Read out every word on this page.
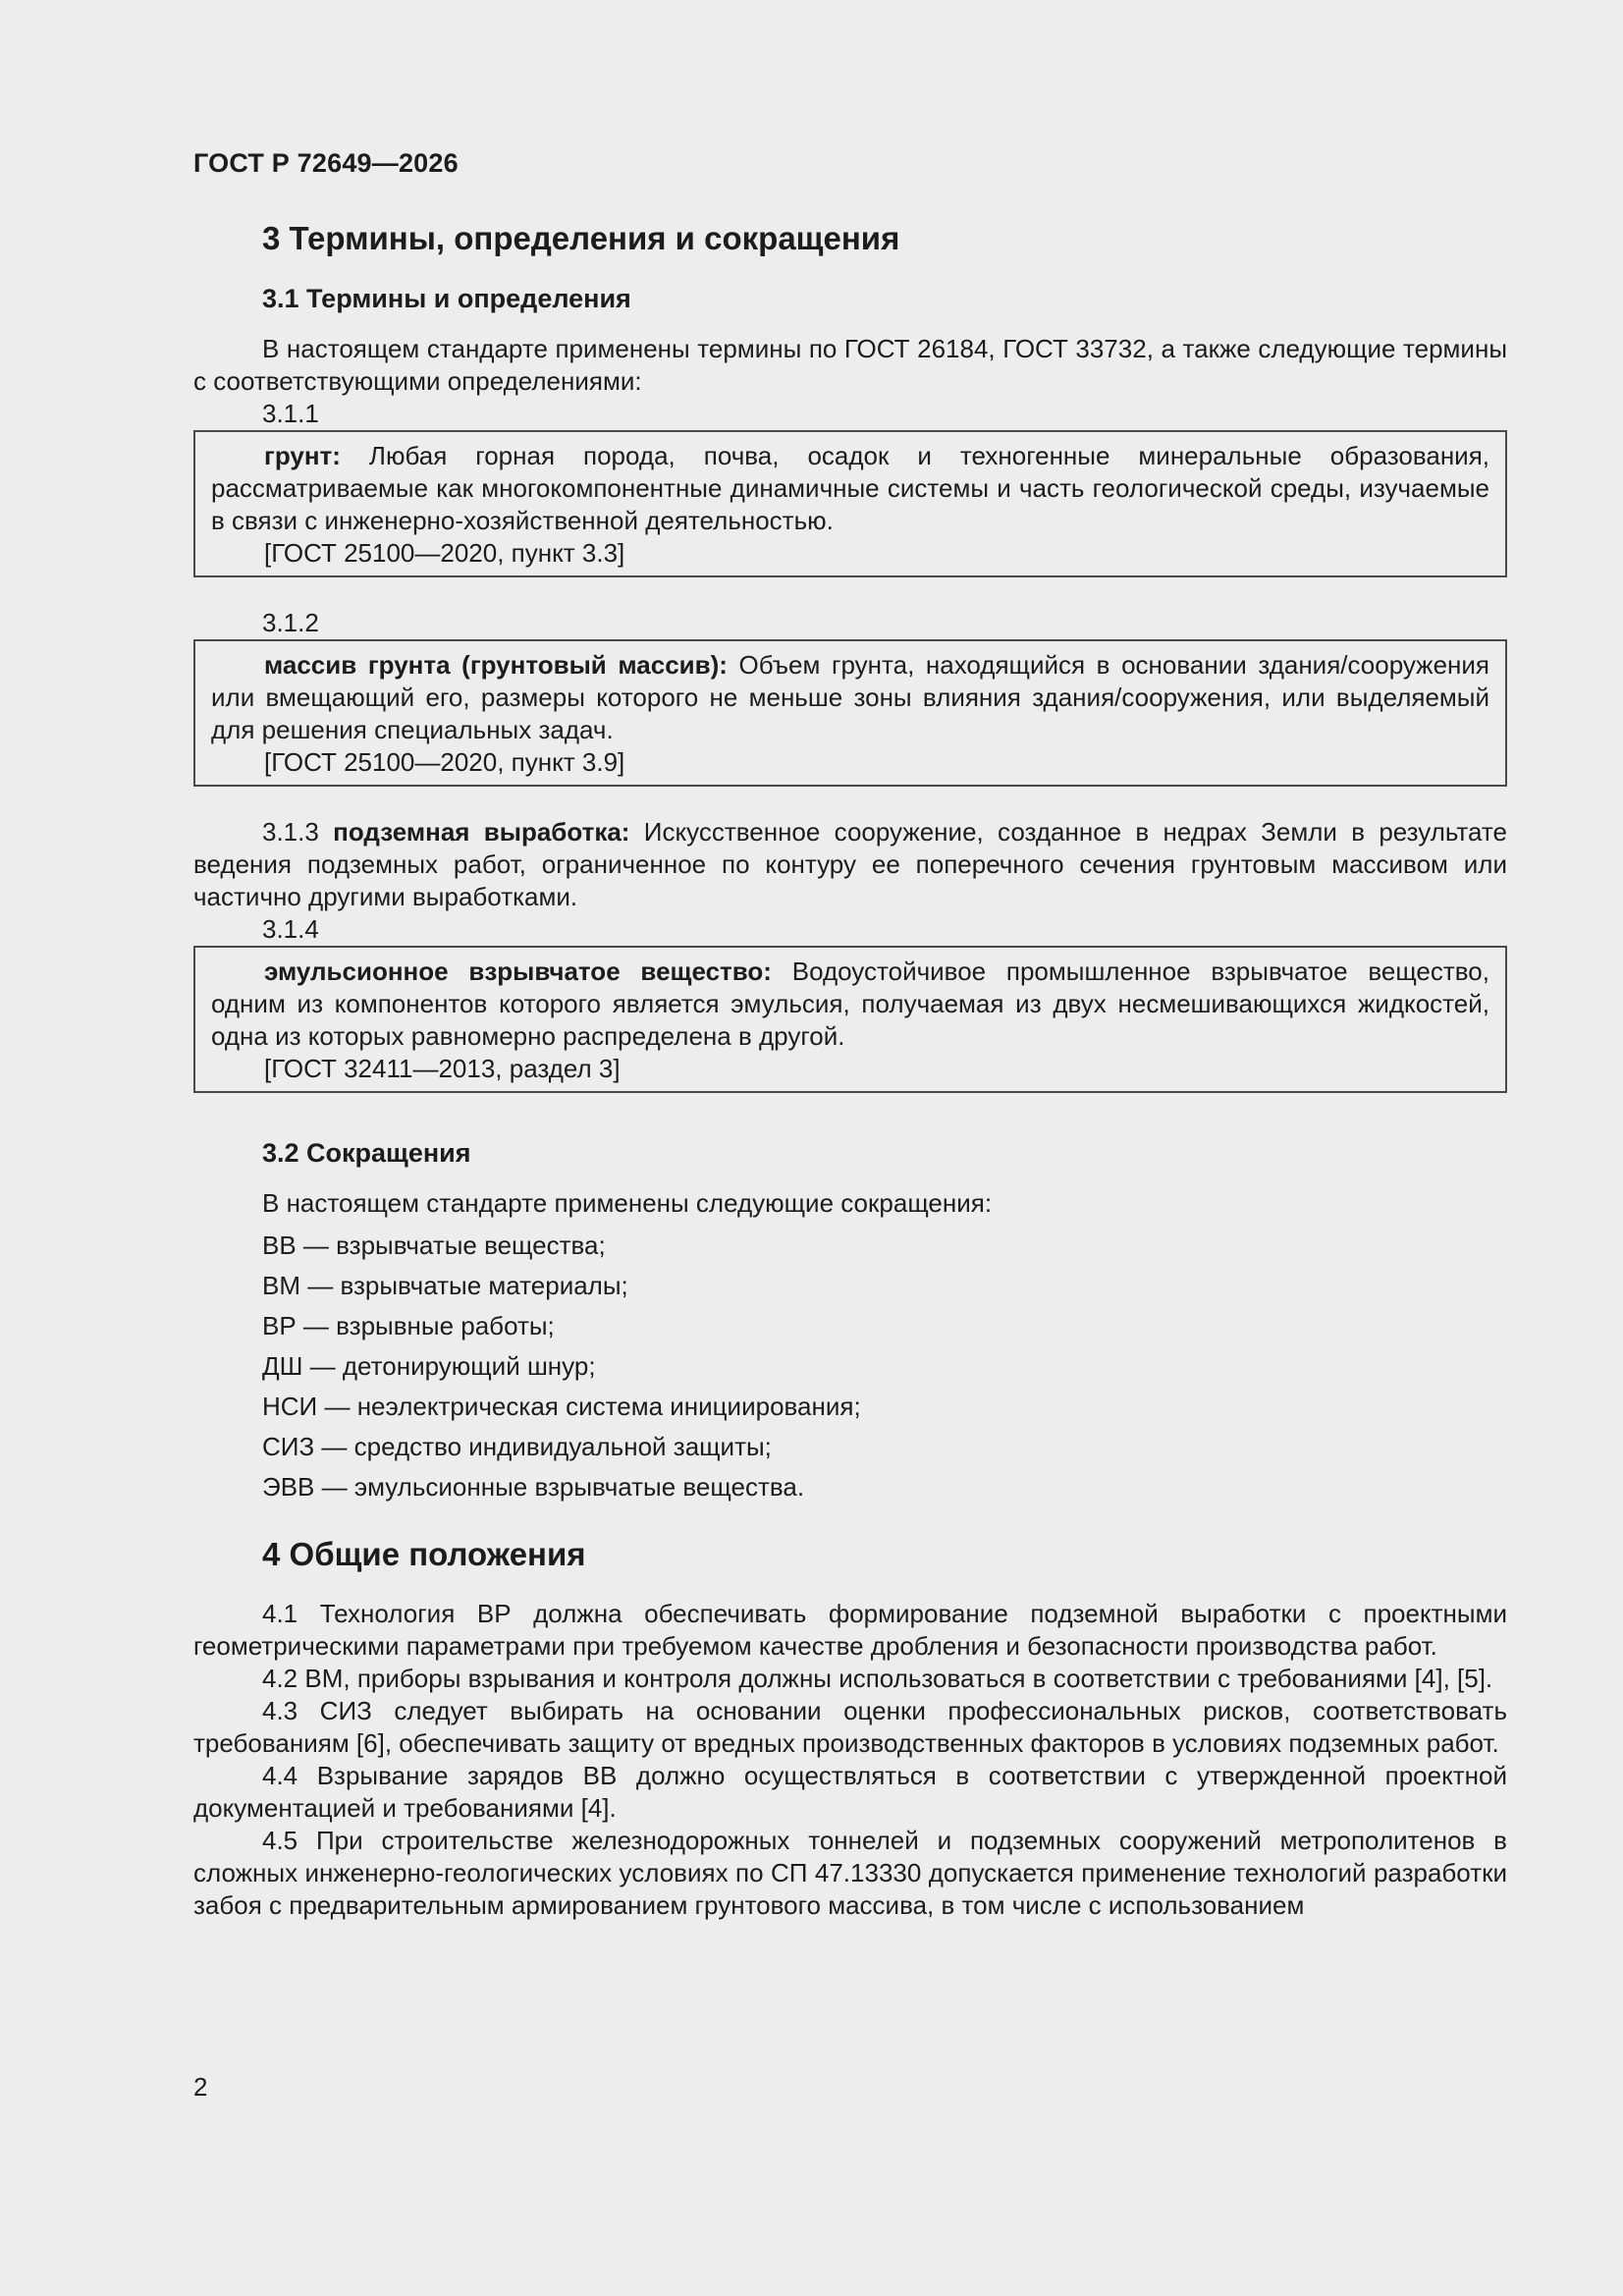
ГОСТ Р 72649—2026
3 Термины, определения и сокращения
3.1 Термины и определения

В настоящем стандарте применены термины по ГОСТ 26184, ГОСТ 33732, а также следующие термины с соответствующими определениями:

3.1.1

грунт: Любая горная порода, почва, осадок и техногенные минеральные образования, рассматриваемые как многокомпонентные динамичные системы и часть геологической среды, изучаемые в связи с инженерно-хозяйственной деятельностью.

[ГОСТ 25100—2020, пункт 3.3]

3.1.2

массив грунта (грунтовый массив): Объем грунта, находящийся в основании здания/сооружения или вмещающий его, размеры которого не меньше зоны влияния здания/сооружения, или выделяемый для решения специальных задач.

[ГОСТ 25100—2020, пункт 3.9]

3.1.3 подземная выработка: Искусственное сооружение, созданное в недрах Земли в результате ведения подземных работ, ограниченное по контуру ее поперечного сечения грунтовым массивом или частично другими выработками.

3.1.4

эмульсионное взрывчатое вещество: Водоустойчивое промышленное взрывчатое вещество, одним из компонентов которого является эмульсия, получаемая из двух несмешивающихся жидкостей, одна из которых равномерно распределена в другой.

[ГОСТ 32411—2013, раздел 3]

3.2 Сокращения
В настоящем стандарте применены следующие сокращения:
ВВ — взрывчатые вещества;
ВМ — взрывчатые материалы;
ВР — взрывные работы;
ДШ — детонирующий шнур;
НСИ — неэлектрическая система инициирования;
СИЗ — средство индивидуальной защиты;
ЭВВ — эмульсионные взрывчатые вещества.
4 Общие положения

4.1 Технология ВР должна обеспечивать формирование подземной выработки с проектными геометрическими параметрами при требуемом качестве дробления и безопасности производства работ.

4.2 ВМ, приборы взрывания и контроля должны использоваться в соответствии с требованиями [4], [5].

4.3 СИЗ следует выбирать на основании оценки профессиональных рисков, соответствовать требованиям [6], обеспечивать защиту от вредных производственных факторов в условиях подземных работ.

4.4 Взрывание зарядов ВВ должно осуществляться в соответствии с утвержденной проектной документацией и требованиями [4].

4.5 При строительстве железнодорожных тоннелей и подземных сооружений метрополитенов в сложных инженерно-геологических условиях по СП 47.13330 допускается применение технологий разработки забоя с предварительным армированием грунтового массива, в том числе с использованием

2
